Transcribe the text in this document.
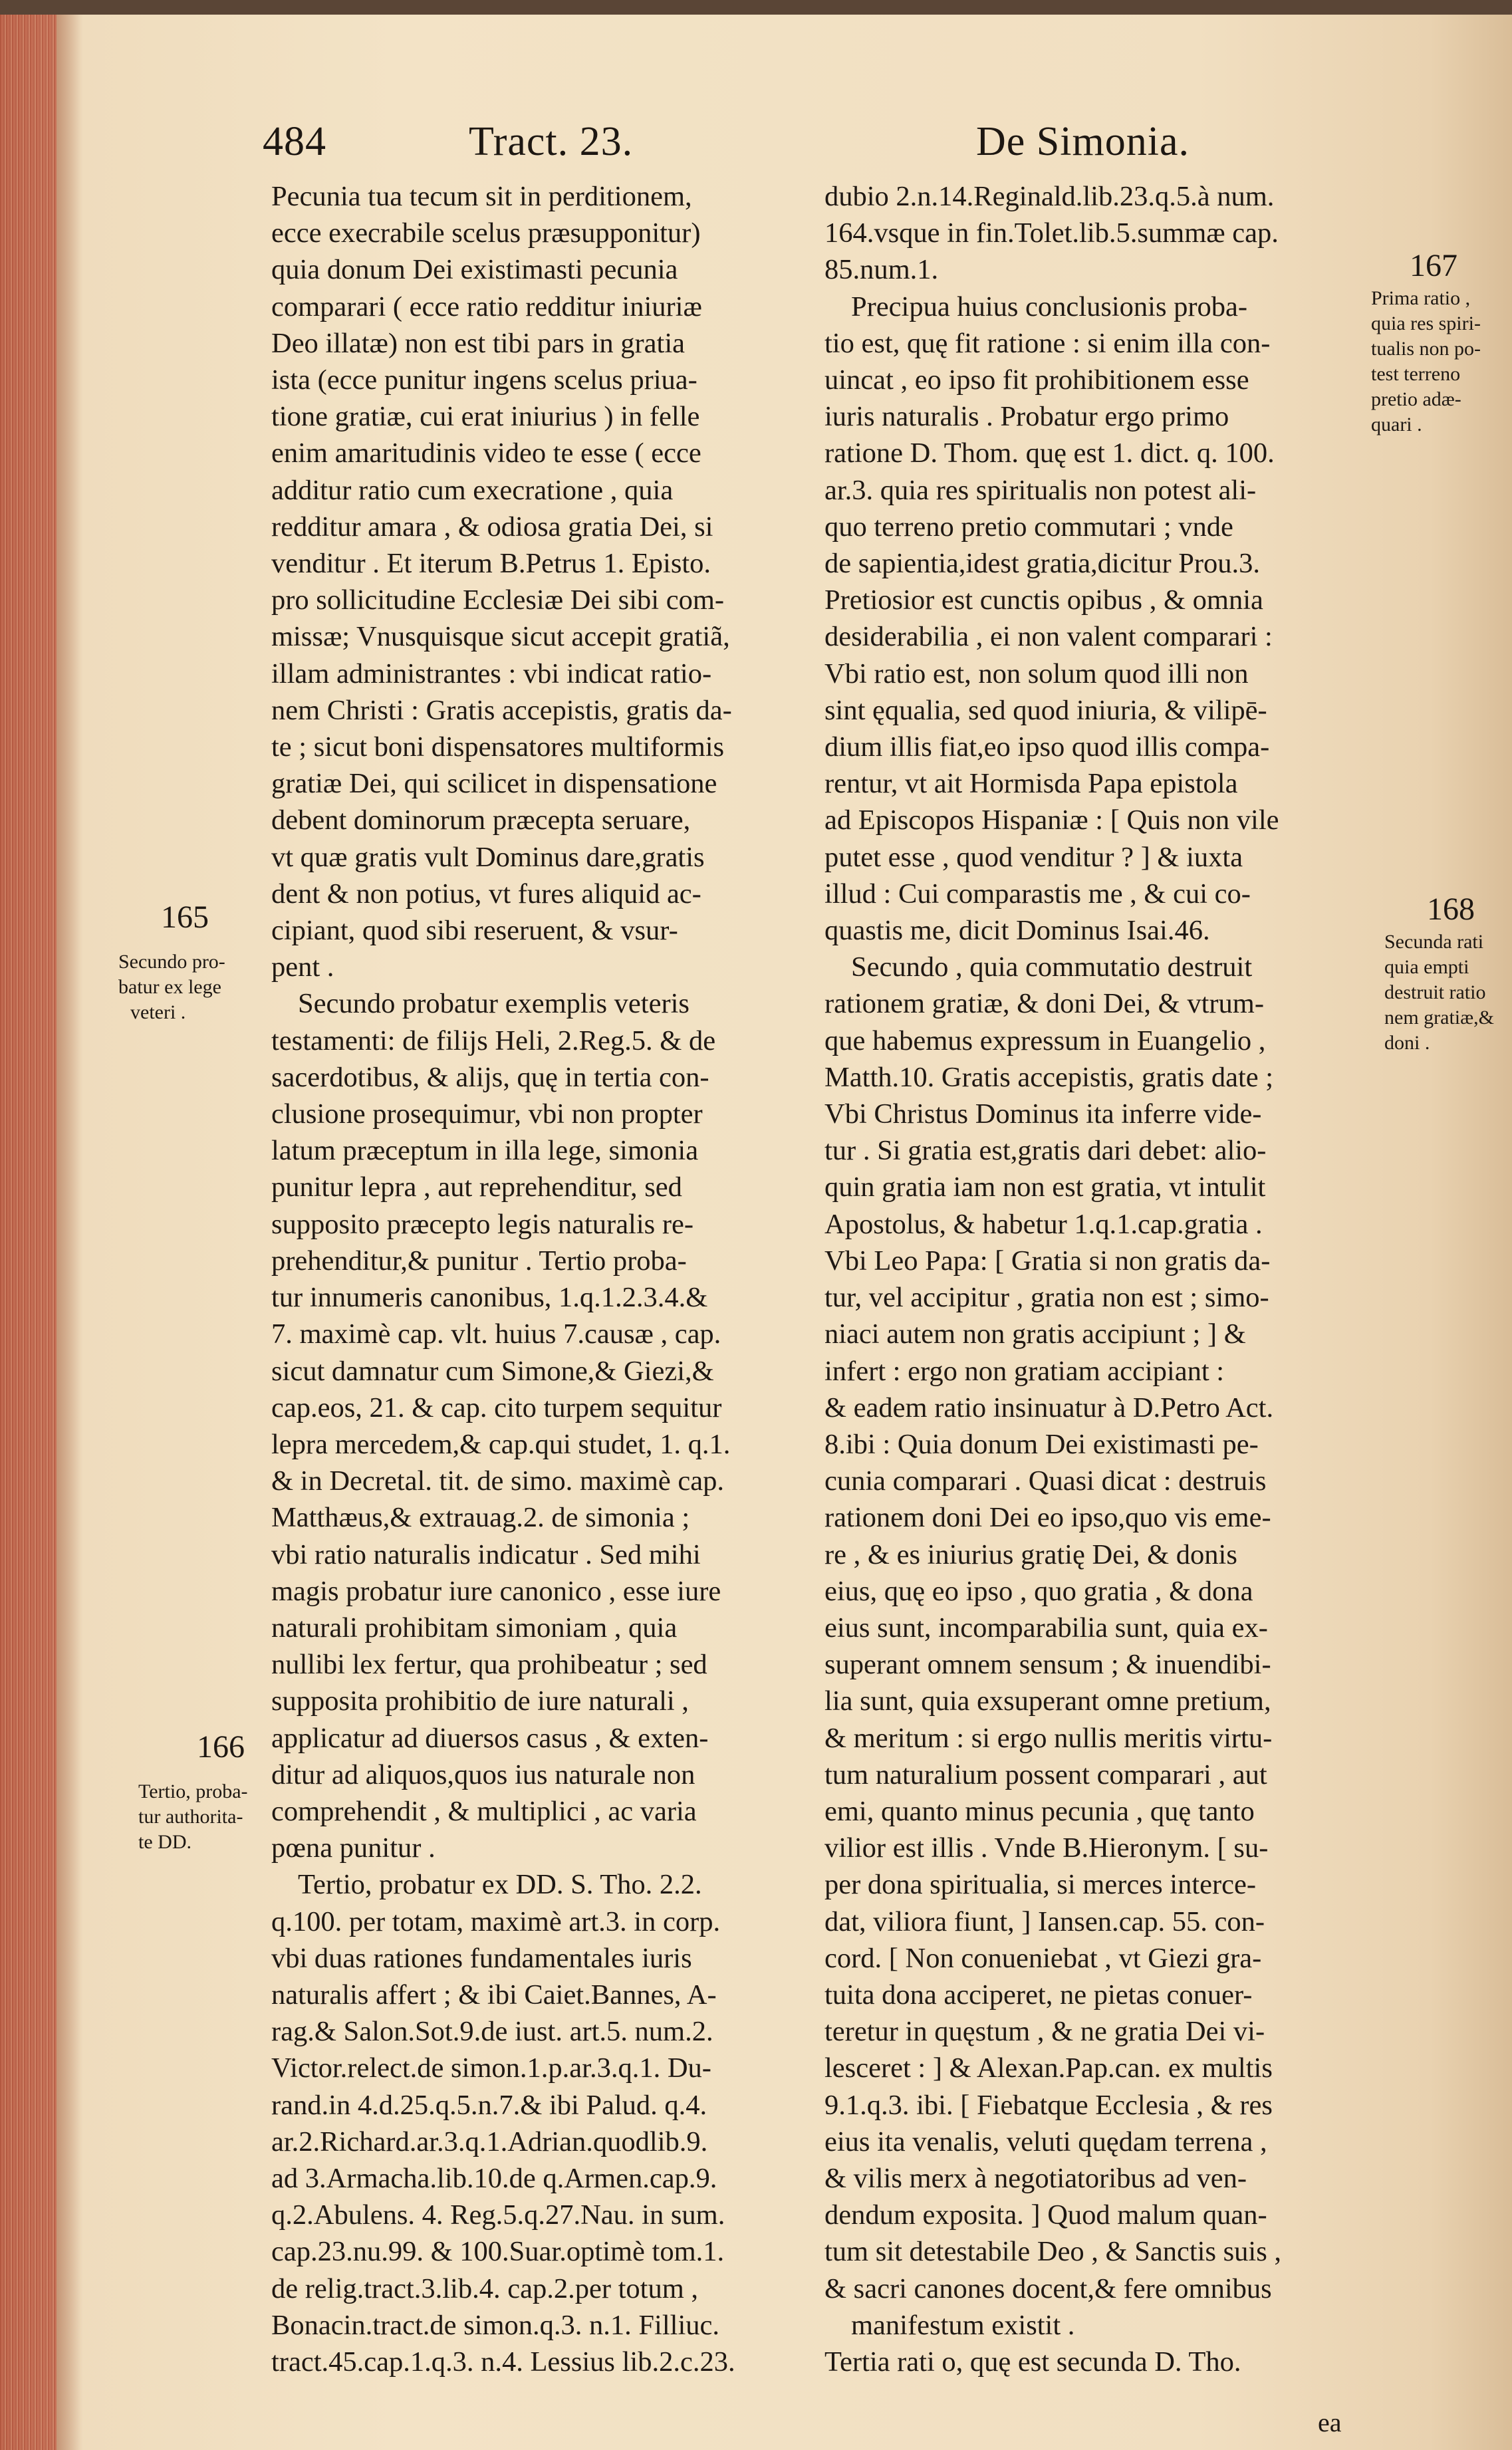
484	Tract. 23.	De Simonia.
Pecunia tua tecum sit in perditionem,
ecce execrabile scelus præsupponitur)
quia donum Dei existimasti pecunia
comparari ( ecce ratio redditur iniuriæ
Deo illatæ) non est tibi pars in gratia
ista (ecce punitur ingens scelus priua-
tione gratiæ, cui erat iniurius ) in felle
enim amaritudinis video te esse ( ecce
additur ratio cum execratione , quia
redditur amara , & odiosa gratia Dei, si
venditur . Et iterum B.Petrus 1. Episto.
pro sollicitudine Ecclesiæ Dei sibi com-
missæ; Vnusquisque sicut accepit gratiã,
illam administrantes : vbi indicat ratio-
nem Christi : Gratis accepistis, gratis da-
te ; sicut boni dispensatores multiformis
gratiæ Dei, qui scilicet in dispensatione
debent dominorum præcepta seruare,
vt quæ gratis vult Dominus dare,gratis
dent & non potius, vt fures aliquid ac-
cipiant, quod sibi reseruent, & vsur-
pent .
Secundo probatur exemplis veteris
testamenti: de filijs Heli, 2.Reg.5. & de
sacerdotibus, & alijs, quę in tertia con-
clusione prosequimur, vbi non propter
latum præceptum in illa lege, simonia
punitur lepra , aut reprehenditur, sed
supposito præcepto legis naturalis re-
prehenditur,& punitur . Tertio proba-
tur innumeris canonibus, 1.q.1.2.3.4.&
7. maximè cap. vlt. huius 7.causæ , cap.
sicut damnatur cum Simone,& Giezi,&
cap.eos, 21. & cap. cito turpem sequitur
lepra mercedem,& cap.qui studet, 1. q.1.
& in Decretal. tit. de simo. maximè cap.
Matthæus,& extrauag.2. de simonia ;
vbi ratio naturalis indicatur . Sed mihi
magis probatur iure canonico , esse iure
naturali prohibitam simoniam , quia
nullibi lex fertur, qua prohibeatur ; sed
supposita prohibitio de iure naturali ,
applicatur ad diuersos casus , & exten-
ditur ad aliquos,quos ius naturale non
comprehendit , & multiplici , ac varia
pœna punitur .
Tertio, probatur ex DD. S. Tho. 2.2.
q.100. per totam, maximè art.3. in corp.
vbi duas rationes fundamentales iuris
naturalis affert ; & ibi Caiet.Bannes, A-
rag.& Salon.Sot.9.de iust. art.5. num.2.
Victor.relect.de simon.1.p.ar.3.q.1. Du-
rand.in 4.d.25.q.5.n.7.& ibi Palud. q.4.
ar.2.Richard.ar.3.q.1.Adrian.quodlib.9.
ad 3.Armacha.lib.10.de q.Armen.cap.9.
q.2.Abulens. 4. Reg.5.q.27.Nau. in sum.
cap.23.nu.99. & 100.Suar.optimè tom.1.
de relig.tract.3.lib.4. cap.2.per totum ,
Bonacin.tract.de simon.q.3. n.1. Filliuc.
tract.45.cap.1.q.3. n.4. Lessius lib.2.c.23.
dubio 2.n.14.Reginald.lib.23.q.5.à num.
164.vsque in fin.Tolet.lib.5.summæ cap.
85.num.1.
Precipua huius conclusionis proba-
tio est, quę fit ratione : si enim illa con-
uincat , eo ipso fit prohibitionem esse
iuris naturalis . Probatur ergo primo
ratione D. Thom. quę est 1. dict. q. 100.
ar.3. quia res spiritualis non potest ali-
quo terreno pretio commutari ; vnde
de sapientia,idest gratia,dicitur Prou.3.
Pretiosior est cunctis opibus , & omnia
desiderabilia , ei non valent comparari :
Vbi ratio est, non solum quod illi non
sint ęqualia, sed quod iniuria, & vilipē-
dium illis fiat,eo ipso quod illis compa-
rentur, vt ait Hormisda Papa epistola
ad Episcopos Hispaniæ : [ Quis non vile
putet esse , quod venditur ? ] & iuxta
illud : Cui comparastis me , & cui co-
quastis me, dicit Dominus Isai.46.
Secundo , quia commutatio destruit
rationem gratiæ, & doni Dei, & vtrum-
que habemus expressum in Euangelio ,
Matth.10. Gratis accepistis, gratis date ;
Vbi Christus Dominus ita inferre vide-
tur . Si gratia est,gratis dari debet: alio-
quin gratia iam non est gratia, vt intulit
Apostolus, & habetur 1.q.1.cap.gratia .
Vbi Leo Papa: [ Gratia si non gratis da-
tur, vel accipitur , gratia non est ; simo-
niaci autem non gratis accipiunt ; ] &
infert : ergo non gratiam accipiant :
& eadem ratio insinuatur à D.Petro Act.
8.ibi : Quia donum Dei existimasti pe-
cunia comparari . Quasi dicat : destruis
rationem doni Dei eo ipso,quo vis eme-
re , & es iniurius gratię Dei, & donis
eius, quę eo ipso , quo gratia , & dona
eius sunt, incomparabilia sunt, quia ex-
superant omnem sensum ; & inuendibi-
lia sunt, quia exsuperant omne pretium,
& meritum : si ergo nullis meritis virtu-
tum naturalium possent comparari , aut
emi, quanto minus pecunia , quę tanto
vilior est illis . Vnde B.Hieronym. [ su-
per dona spiritualia, si merces interce-
dat, viliora fiunt, ] Iansen.cap. 55. con-
cord. [ Non conueniebat , vt Giezi gra-
tuita dona acciperet, ne pietas conuer-
teretur in quęstum , & ne gratia Dei vi-
lesceret : ] & Alexan.Pap.can. ex multis
9.1.q.3. ibi. [ Fiebatque Ecclesia , & res
eius ita venalis, veluti quędam terrena ,
& vilis merx à negotiatoribus ad ven-
dendum exposita. ] Quod malum quan-
tum sit detestabile Deo , & Sanctis suis ,
& sacri canones docent,& fere omnibus
manifestum existit .
Tertia rati o, quę est secunda D. Tho.
165
Secundo pro-
batur ex lege
veteri .
166
Tertio, proba-
tur authorita-
te DD.
167
Prima ratio ,
quia res spiri-
tualis non po-
test terreno
pretio adæ-
quari .
168
Secunda rati
quia empti
destruit ratio
nem gratiæ,&
doni .
ea
